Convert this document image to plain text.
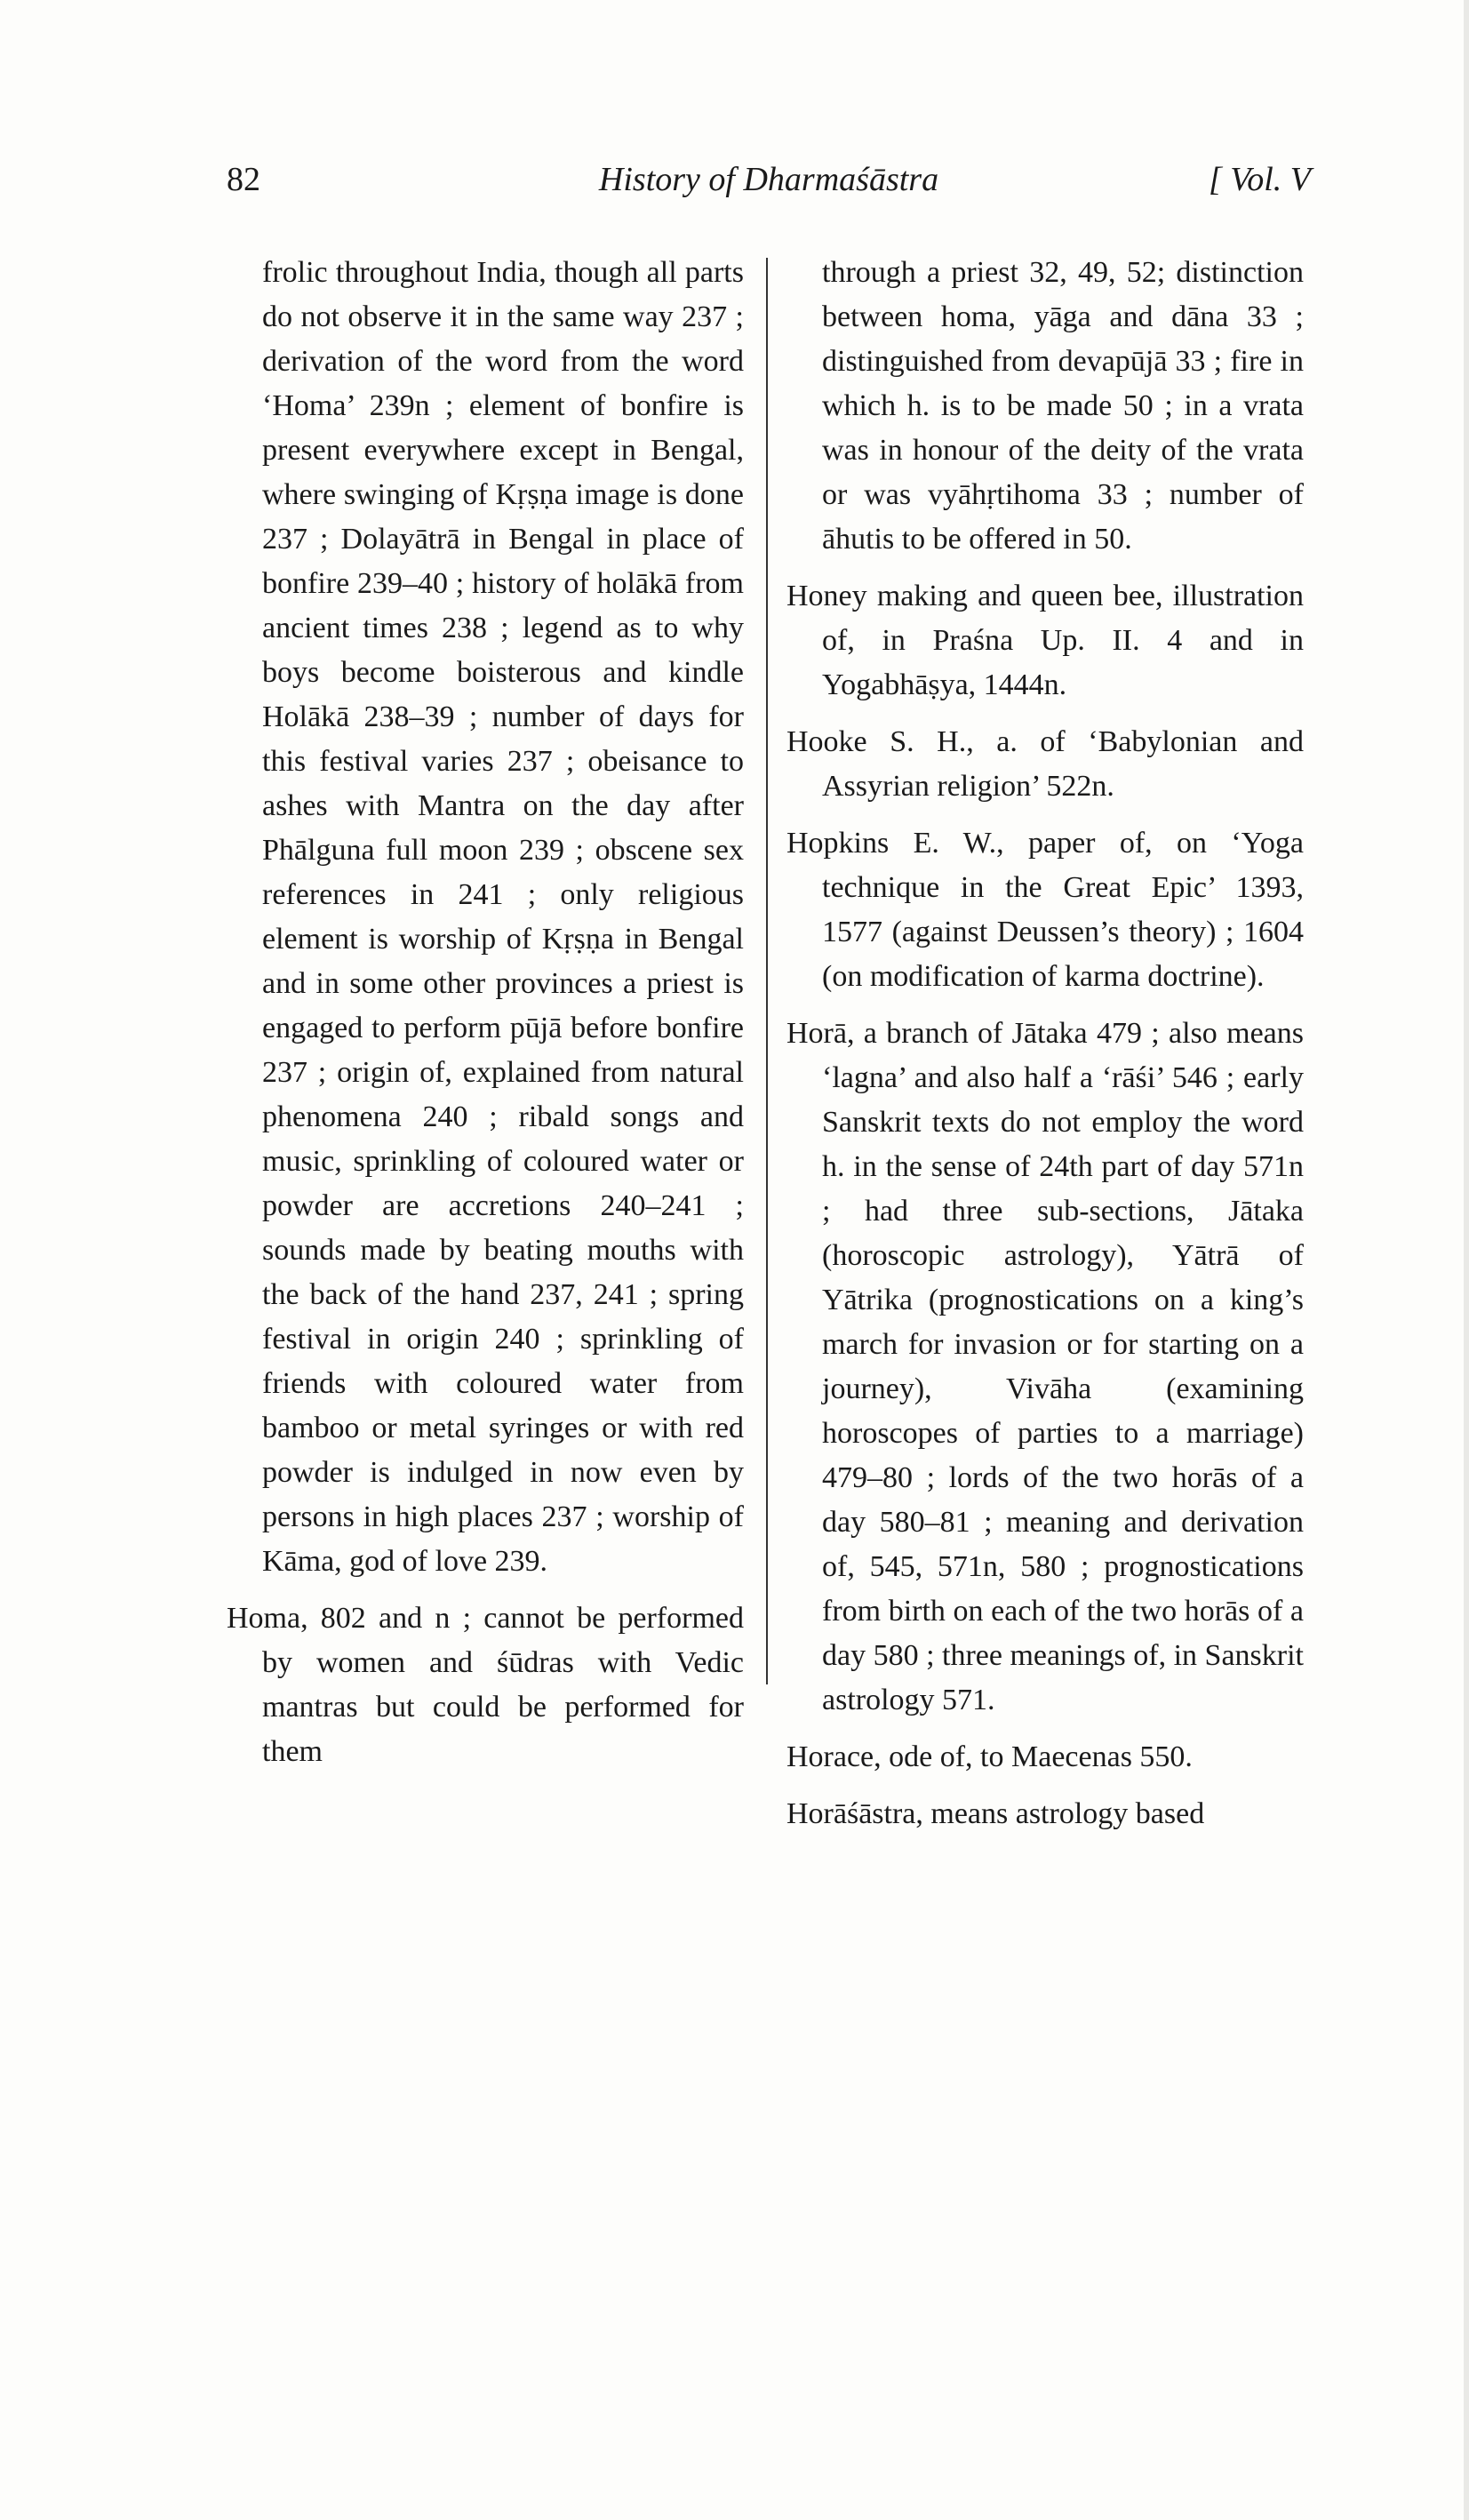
82	History of Dharmaśāstra	[ Vol. V

frolic throughout India, though all parts do not observe it in the same way 237 ; derivation of the word from the word ‘Homa’ 239n ; element of bonfire is present everywhere except in Bengal, where swinging of Kṛṣṇa image is done 237 ; Dolayātrā in Bengal in place of bonfire 239–40 ; history of holākā from ancient times 238 ; legend as to why boys become boisterous and kindle Holākā 238–39 ; number of days for this festival varies 237 ; obeisance to ashes with Mantra on the day after Phālguna full moon 239 ; obscene sex references in 241 ; only religious element is worship of Kṛṣṇa in Bengal and in some other provinces a priest is engaged to perform pūjā before bonfire 237 ; origin of, explained from natural phenomena 240 ; ribald songs and music, sprinkling of coloured water or powder are accretions 240–241 ; sounds made by beating mouths with the back of the hand 237, 241 ; spring festival in origin 240 ; sprinkling of friends with coloured water from bamboo or metal syringes or with red powder is indulged in now even by persons in high places 237 ; worship of Kāma, god of love 239.

Homa, 802 and n ; cannot be performed by women and śūdras with Vedic mantras but could be performed for them

through a priest 32, 49, 52; distinction between homa, yāga and dāna 33 ; distinguished from devapūjā 33 ; fire in which h. is to be made 50 ; in a vrata was in honour of the deity of the vrata or was vyāhṛtihoma 33 ; number of āhutis to be offered in 50.

Honey making and queen bee, illustration of, in Praśna Up. II. 4 and in Yogabhāṣya, 1444n.

Hooke S. H., a. of ‘Babylonian and Assyrian religion’ 522n.

Hopkins E. W., paper of, on ‘Yoga technique in the Great Epic’ 1393, 1577 (against Deussen’s theory) ; 1604 (on modification of karma doctrine).

Horā, a branch of Jātaka 479 ; also means ‘lagna’ and also half a ‘rāśi’ 546 ; early Sanskrit texts do not employ the word h. in the sense of 24th part of day 571n ; had three sub-sections, Jātaka (horoscopic astrology), Yātrā of Yātrika (prognostications on a king’s march for invasion or for starting on a journey), Vivāha (examining horoscopes of parties to a marriage) 479–80 ; lords of the two horās of a day 580–81 ; meaning and derivation of, 545, 571n, 580 ; prognostications from birth on each of the two horās of a day 580 ; three meanings of, in Sanskrit astrology 571.

Horace, ode of, to Maecenas 550.

Horāśāstra, means astrology based
